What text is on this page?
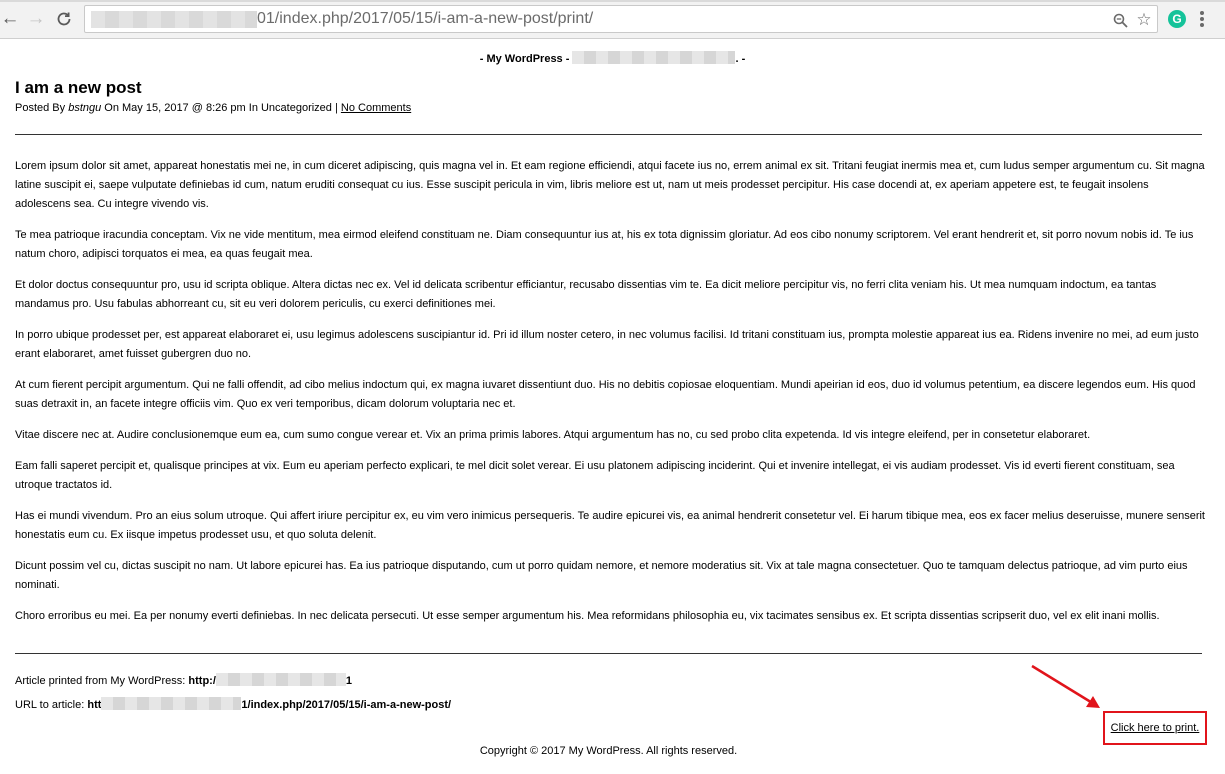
← →	01/index.php/2017/05/15/i-am-a-new-post/print/	☆	G
- My WordPress -	. -
I am a new post
Posted By bstngu On May 15, 2017 @ 8:26 pm In Uncategorized | No Comments

Lorem ipsum dolor sit amet, appareat honestatis mei ne, in cum diceret adipiscing, quis magna vel in. Et eam regione efficiendi, atqui facete ius no, errem animal ex sit. Tritani feugiat inermis mea et, cum ludus semper argumentum cu. Sit magna latine suscipit ei, saepe vulputate definiebas id cum, natum eruditi consequat cu ius. Esse suscipit pericula in vim, libris meliore est ut, nam ut meis prodesset percipitur. His case docendi at, ex aperiam appetere est, te feugait insolens adolescens sea. Cu integre vivendo vis.

Te mea patrioque iracundia conceptam. Vix ne vide mentitum, mea eirmod eleifend constituam ne. Diam consequuntur ius at, his ex tota dignissim gloriatur. Ad eos cibo nonumy scriptorem. Vel erant hendrerit et, sit porro novum nobis id. Te ius natum choro, adipisci torquatos ei mea, ea quas feugait mea.

Et dolor doctus consequuntur pro, usu id scripta oblique. Altera dictas nec ex. Vel id delicata scribentur efficiantur, recusabo dissentias vim te. Ea dicit meliore percipitur vis, no ferri clita veniam his. Ut mea numquam indoctum, ea tantas mandamus pro. Usu fabulas abhorreant cu, sit eu veri dolorem periculis, cu exerci definitiones mei.

In porro ubique prodesset per, est appareat elaboraret ei, usu legimus adolescens suscipiantur id. Pri id illum noster cetero, in nec volumus facilisi. Id tritani constituam ius, prompta molestie appareat ius ea. Ridens invenire no mei, ad eum justo erant elaboraret, amet fuisset gubergren duo no.

At cum fierent percipit argumentum. Qui ne falli offendit, ad cibo melius indoctum qui, ex magna iuvaret dissentiunt duo. His no debitis copiosae eloquentiam. Mundi apeirian id eos, duo id volumus petentium, ea discere legendos eum. His quod suas detraxit in, an facete integre officiis vim. Quo ex veri temporibus, dicam dolorum voluptaria nec et.

Vitae discere nec at. Audire conclusionemque eum ea, cum sumo congue verear et. Vix an prima primis labores. Atqui argumentum has no, cu sed probo clita expetenda. Id vis integre eleifend, per in consetetur elaboraret.

Eam falli saperet percipit et, qualisque principes at vix. Eum eu aperiam perfecto explicari, te mel dicit solet verear. Ei usu platonem adipiscing inciderint. Qui et invenire intellegat, ei vis audiam prodesset. Vis id everti fierent constituam, sea utroque tractatos id.

Has ei mundi vivendum. Pro an eius solum utroque. Qui affert iriure percipitur ex, eu vim vero inimicus persequeris. Te audire epicurei vis, ea animal hendrerit consetetur vel. Ei harum tibique mea, eos ex facer melius deseruisse, munere senserit honestatis eum cu. Ex iisque impetus prodesset usu, et quo soluta delenit.

Dicunt possim vel cu, dictas suscipit no nam. Ut labore epicurei has. Ea ius patrioque disputando, cum ut porro quidam nemore, et nemore moderatius sit. Vix at tale magna consectetuer. Quo te tamquam delectus patrioque, ad vim purto eius nominati.

Choro erroribus eu mei. Ea per nonumy everti definiebas. In nec delicata persecuti. Ut esse semper argumentum his. Mea reformidans philosophia eu, vix tacimates sensibus ex. Et scripta dissentias scripserit duo, vel ex elit inani mollis.

Article printed from My WordPress: http:/	1
URL to article: htt	1/index.php/2017/05/15/i-am-a-new-post/
Click here to print.
Copyright © 2017 My WordPress. All rights reserved.
